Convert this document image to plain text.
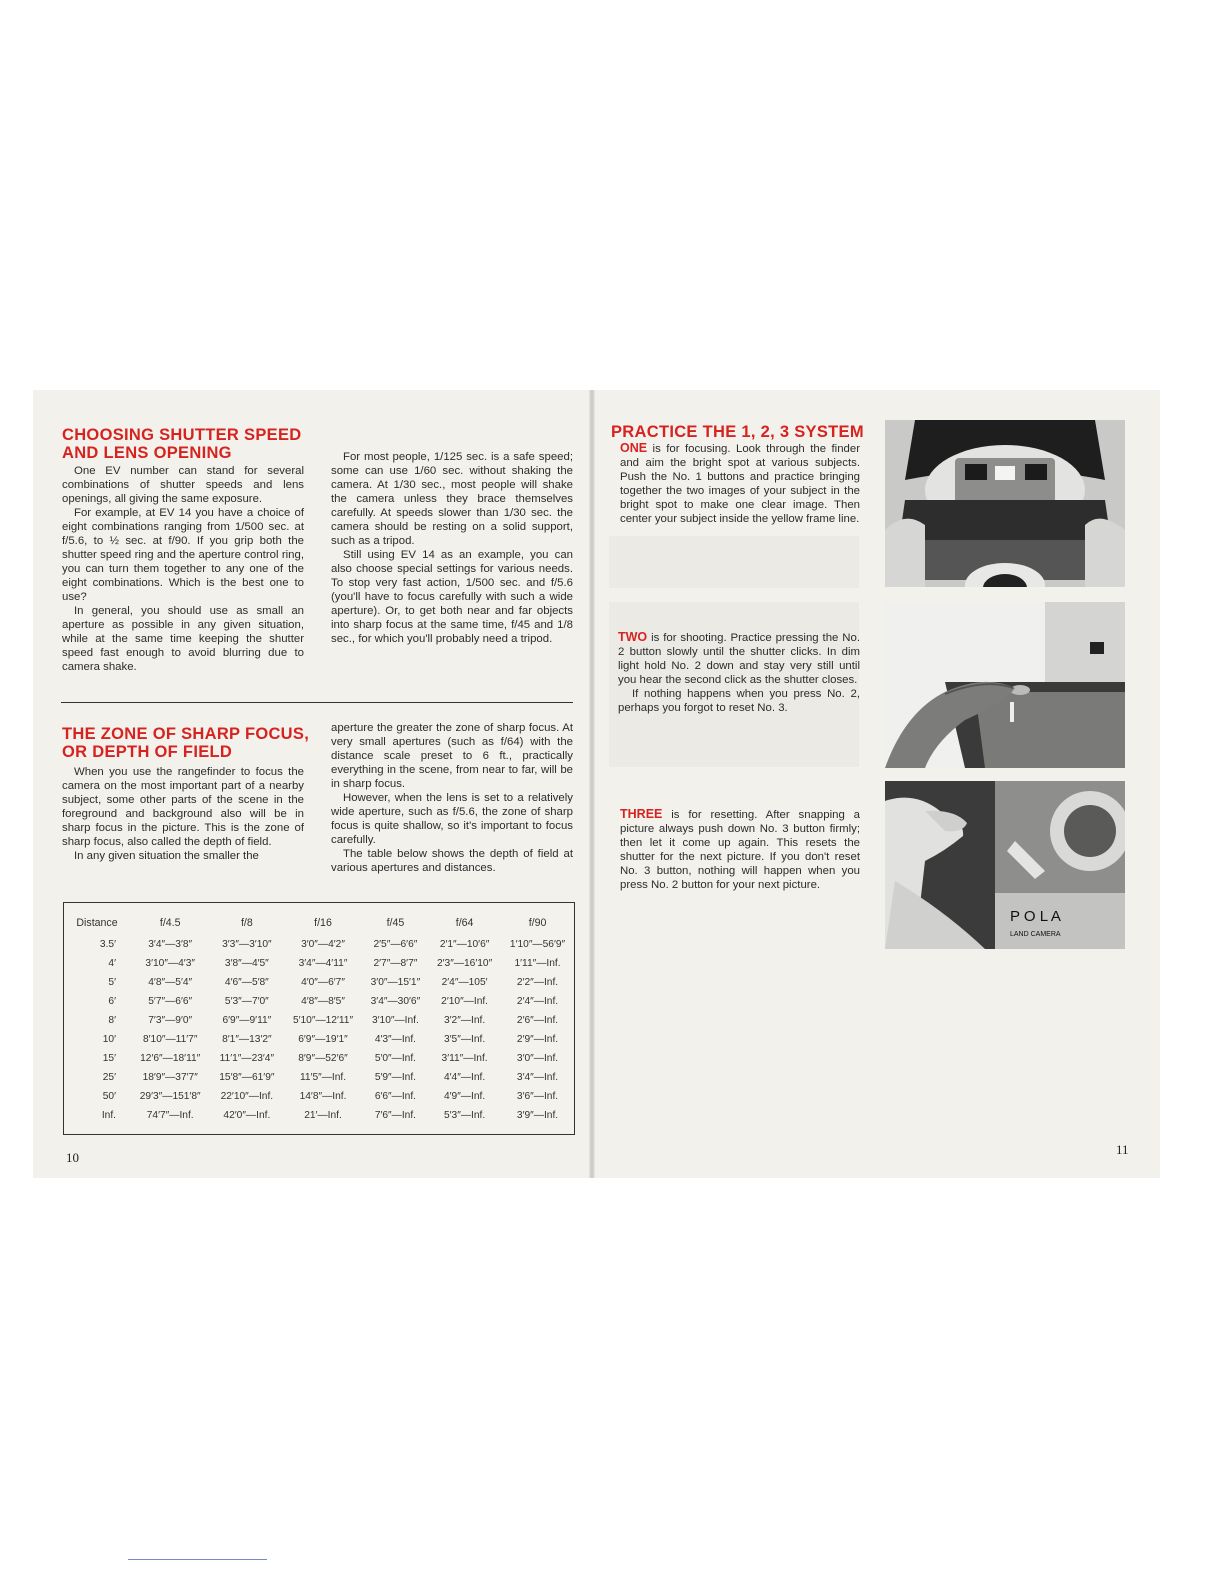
CHOOSING SHUTTER SPEED
AND LENS OPENING

One EV number can stand for several combinations of shutter speeds and lens openings, all giving the same exposure.

For example, at EV 14 you have a choice of eight combinations ranging from 1/500 sec. at f/5.6, to ½ sec. at f/90. If you grip both the shutter speed ring and the aperture control ring, you can turn them together to any one of the eight combinations. Which is the best one to use?

In general, you should use as small an aperture as possible in any given situation, while at the same time keeping the shutter speed fast enough to avoid blurring due to camera shake.

For most people, 1/125 sec. is a safe speed; some can use 1/60 sec. without shaking the camera. At 1/30 sec., most people will shake the camera unless they brace themselves carefully. At speeds slower than 1/30 sec. the camera should be resting on a solid support, such as a tripod.

Still using EV 14 as an example, you can also choose special settings for various needs. To stop very fast action, 1/500 sec. and f/5.6 (you'll have to focus carefully with such a wide aperture). Or, to get both near and far objects into sharp focus at the same time, f/45 and 1/8 sec., for which you'll probably need a tripod.

THE ZONE OF SHARP FOCUS,
OR DEPTH OF FIELD

When you use the rangefinder to focus the camera on the most important part of a nearby subject, some other parts of the scene in the foreground and background also will be in sharp focus in the picture. This is the zone of sharp focus, also called the depth of field.

In any given situation the smaller the

aperture the greater the zone of sharp focus. At very small apertures (such as f/64) with the distance scale preset to 6 ft., practically everything in the scene, from near to far, will be in sharp focus.

However, when the lens is set to a relatively wide aperture, such as f/5.6, the zone of sharp focus is quite shallow, so it's important to focus carefully.

The table below shows the depth of field at various apertures and distances.

Distance	f/4.5	f/8	f/16	f/45	f/64	f/90
3.5′	3′4″—3′8″	3′3″—3′10″	3′0″—4′2″	2′5″—6′6″	2′1″—10′6″	1′10″—56′9″
4′	3′10″—4′3″	3′8″—4′5″	3′4″—4′11″	2′7″—8′7″	2′3″—16′10″	1′11″—Inf.
5′	4′8″—5′4″	4′6″—5′8″	4′0″—6′7″	3′0″—15′1″	2′4″—105′	2′2″—Inf.
6′	5′7″—6′6″	5′3″—7′0″	4′8″—8′5″	3′4″—30′6″	2′10″—Inf.	2′4″—Inf.
8′	7′3″—9′0″	6′9″—9′11″	5′10″—12′11″	3′10″—Inf.	3′2″—Inf.	2′6″—Inf.
10′	8′10″—11′7″	8′1″—13′2″	6′9″—19′1″	4′3″—Inf.	3′5″—Inf.	2′9″—Inf.
15′	12′6″—18′11″	11′1″—23′4″	8′9″—52′6″	5′0″—Inf.	3′11″—Inf.	3′0″—Inf.
25′	18′9″—37′7″	15′8″—61′9″	11′5″—Inf.	5′9″—Inf.	4′4″—Inf.	3′4″—Inf.
50′	29′3″—151′8″	22′10″—Inf.	14′8″—Inf.	6′6″—Inf.	4′9″—Inf.	3′6″—Inf.
Inf.	74′7″—Inf.	42′0″—Inf.	21′—Inf.	7′6″—Inf.	5′3″—Inf.	3′9″—Inf.
10
PRACTICE THE 1, 2, 3 SYSTEM

ONE is for focusing. Look through the finder and aim the bright spot at various subjects. Push the No. 1 buttons and practice bringing together the two images of your subject in the bright spot to make one clear image. Then center your subject inside the yellow frame line.

TWO is for shooting. Practice pressing the No. 2 button slowly until the shutter clicks. In dim light hold No. 2 down and stay very still until you hear the second click as the shutter closes.

If nothing happens when you press No. 2, perhaps you forgot to reset No. 3.

THREE is for resetting. After snapping a picture always push down No. 3 button firmly; then let it come up again. This resets the shutter for the next picture. If you don't reset No. 3 button, nothing will happen when you press No. 2 button for your next picture.

P O L A
LAND CAMERA
11
